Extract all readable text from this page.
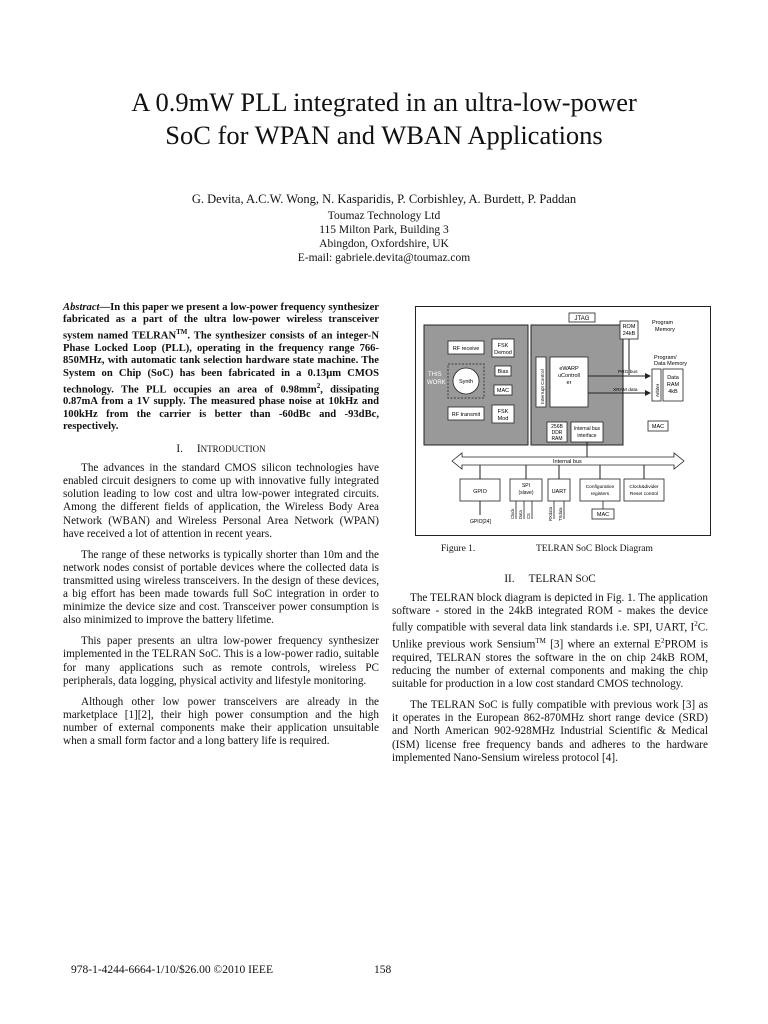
A 0.9mW PLL integrated in an ultra-low-power
SoC for WPAN and WBAN Applications
G. Devita, A.C.W. Wong, N. Kasparidis, P. Corbishley, A. Burdett, P. Paddan
Toumaz Technology Ltd
115 Milton Park, Building 3
Abingdon, Oxfordshire, UK
E-mail: gabriele.devita@toumaz.com

Abstract—In this paper we present a low-power frequency synthesizer fabricated as a part of the ultra low-power wireless transceiver system named TELRAN™. The synthesizer consists of an integer-N Phase Locked Loop (PLL), operating in the frequency range 766-850MHz, with automatic tank selection hardware state machine. The System on Chip (SoC) has been fabricated in a 0.13μm CMOS technology. The PLL occupies an area of $0.98mm^2$, dissipating 0.87mA from a 1V supply. The measured phase noise at 10kHz and 100kHz from the carrier is better than -60dBc and -93dBc, respectively.

I. INTRODUCTION

The advances in the standard CMOS silicon technologies have enabled circuit designers to come up with innovative fully integrated solution leading to low cost and ultra low-power integrated circuits. Among the different fields of application, the Wireless Body Area Network (WBAN) and Wireless Personal Area Network (WPAN) have received a lot of attention in recent years.

The range of these networks is typically shorter than 10m and the network nodes consist of portable devices where the collected data is transmitted using wireless transceivers. In the design of these devices, a big effort has been made towards full SoC integration in order to minimize the device size and cost. Transceiver power consumption is also minimized to improve the battery lifetime.

This paper presents an ultra low-power frequency synthesizer implemented in the TELRAN SoC. This is a low-power radio, suitable for many applications such as remote controls, wireless PC peripherals, data logging, physical activity and lifestyle monitoring.

Although other low power transceivers are already in the marketplace [1][2], their high power consumption and the high number of external components make their application unsuitable when a small form factor and a long battery life is required.

JTAG
ROM
24kB
Program
Memory
Program/
Data Memory
Arbiter
Data
RAM
4kB
MAC
RF receive	FSK
Demod
THIS
WORK Synth
Bias
MAC
RF transmit	FSK
Mod
Interrupt Control
eWARP
uControll
er
PRG bus
XRAM data
256B
DDR
RAM
Internal bus
interface
Internal bus
GPIO
GPIO[24]
SPI
(slave)
Clock Data CS
UART
RXdata TXdata
Configuration
registers
Clock&divider
Reset control
MAC
Figure 1.	TELRAN SoC Block Diagram
II. TELRAN SOC

The TELRAN block diagram is depicted in Fig. 1. The application software - stored in the 24kB integrated ROM - makes the device fully compatible with several data link standards i.e. SPI, UART, $I^2C$. Unlike previous work Sensium™ [3] where an external $E^2PROM$ is required, TELRAN stores the software in the on chip 24kB ROM, reducing the number of external components and making the chip suitable for production in a low cost standard CMOS technology.

The TELRAN SoC is fully compatible with previous work [3] as it operates in the European 862-870MHz short range device (SRD) and North American 902-928MHz Industrial Scientific & Medical (ISM) license free frequency bands and adheres to the hardware implemented Nano-Sensium wireless protocol [4].

978-1-4244-6664-1/10/$26.00 ©2010 IEEE	158
